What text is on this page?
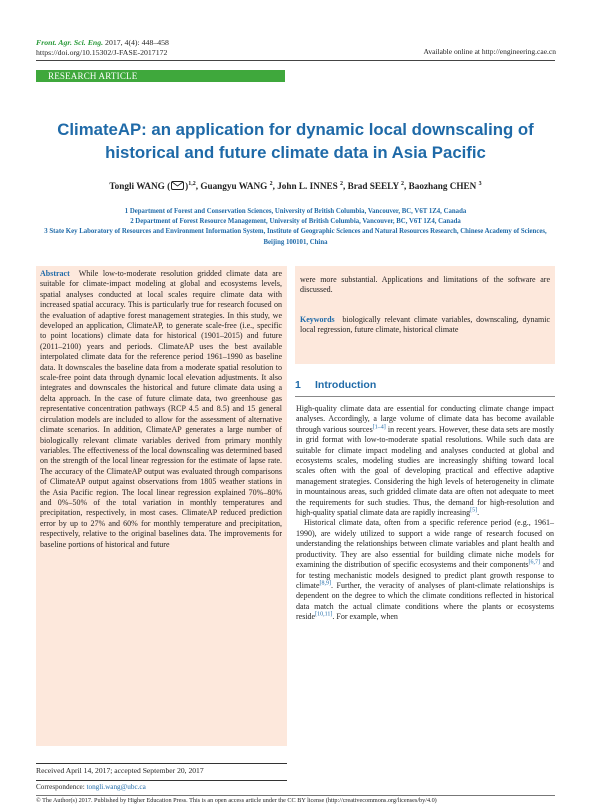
Front. Agr. Sci. Eng. 2017, 4(4): 448–458
https://doi.org/10.15302/J-FASE-2017172	Available online at http://engineering.cae.cn
RESEARCH ARTICLE
ClimateAP: an application for dynamic local downscaling of historical and future climate data in Asia Pacific
Tongli WANG ( )$^{1,2}$, Guangyu WANG $^2$, John L. INNES $^2$, Brad SEELY $^2$, Baozhang CHEN $^3$
1 Department of Forest and Conservation Sciences, University of British Columbia, Vancouver, BC, V6T 1Z4, Canada
2 Department of Forest Resource Management, University of British Columbia, Vancouver, BC, V6T 1Z4, Canada
3 State Key Laboratory of Resources and Environment Information System, Institute of Geographic Sciences and Natural Resources Research, Chinese Academy of Sciences, Beijing 100101, China

Abstract While low-to-moderate resolution gridded climate data are suitable for climate-impact modeling at global and ecosystems levels, spatial analyses conducted at local scales require climate data with increased spatial accuracy. This is particularly true for research focused on the evaluation of adaptive forest management strategies. In this study, we developed an application, ClimateAP, to generate scale-free (i.e., specific to point locations) climate data for historical (1901–2015) and future (2011–2100) years and periods. ClimateAP uses the best available interpolated climate data for the reference period 1961–1990 as baseline data. It downscales the baseline data from a moderate spatial resolution to scale-free point data through dynamic local elevation adjustments. It also integrates and downscales the historical and future climate data using a delta approach. In the case of future climate data, two greenhouse gas representative concentration pathways (RCP 4.5 and 8.5) and 15 general circulation models are included to allow for the assessment of alternative climate scenarios. In addition, ClimateAP generates a large number of biologically relevant climate variables derived from primary monthly variables. The effectiveness of the local downscaling was determined based on the strength of the local linear regression for the estimate of lapse rate. The accuracy of the ClimateAP output was evaluated through comparisons of ClimateAP output against observations from 1805 weather stations in the Asia Pacific region. The local linear regression explained 70%–80% and 0%–50% of the total variation in monthly temperatures and precipitation, respectively, in most cases. ClimateAP reduced prediction error by up to 27% and 60% for monthly temperature and precipitation, respectively, relative to the original baselines data. The improvements for baseline portions of historical and future

were more substantial. Applications and limitations of the software are discussed.

Keywords biologically relevant climate variables, downscaling, dynamic local regression, future climate, historical climate

1 Introduction

High-quality climate data are essential for conducting climate change impact analyses. Accordingly, a large volume of climate data has become available through various sources[1–4] in recent years. However, these data sets are mostly in grid format with low-to-moderate spatial resolutions. While such data are suitable for climate impact modeling and analyses conducted at global and ecosystems scales, modeling studies are increasingly shifting toward local scales often with the goal of developing practical and effective adaptive management strategies. Considering the high levels of heterogeneity in climate in mountainous areas, such gridded climate data are often not adequate to meet the requirements for such studies. Thus, the demand for high-resolution and high-quality spatial climate data are rapidly increasing[5].

Historical climate data, often from a specific reference period (e.g., 1961–1990), are widely utilized to support a wide range of research focused on understanding the relationships between climate variables and plant health and productivity. They are also essential for building climate niche models for examining the distribution of specific ecosystems and their components[6,7] and for testing mechanistic models designed to predict plant growth response to climate[8,9]. Further, the veracity of analyses of plant-climate relationships is dependent on the degree to which the climate conditions reflected in historical data match the actual climate conditions where the plants or ecosystems reside[10,11]. For example, when

Received April 14, 2017; accepted September 20, 2017
Correspondence: tongli.wang@ubc.ca
© The Author(s) 2017. Published by Higher Education Press. This is an open access article under the CC BY license (http://creativecommons.org/licenses/by/4.0)
